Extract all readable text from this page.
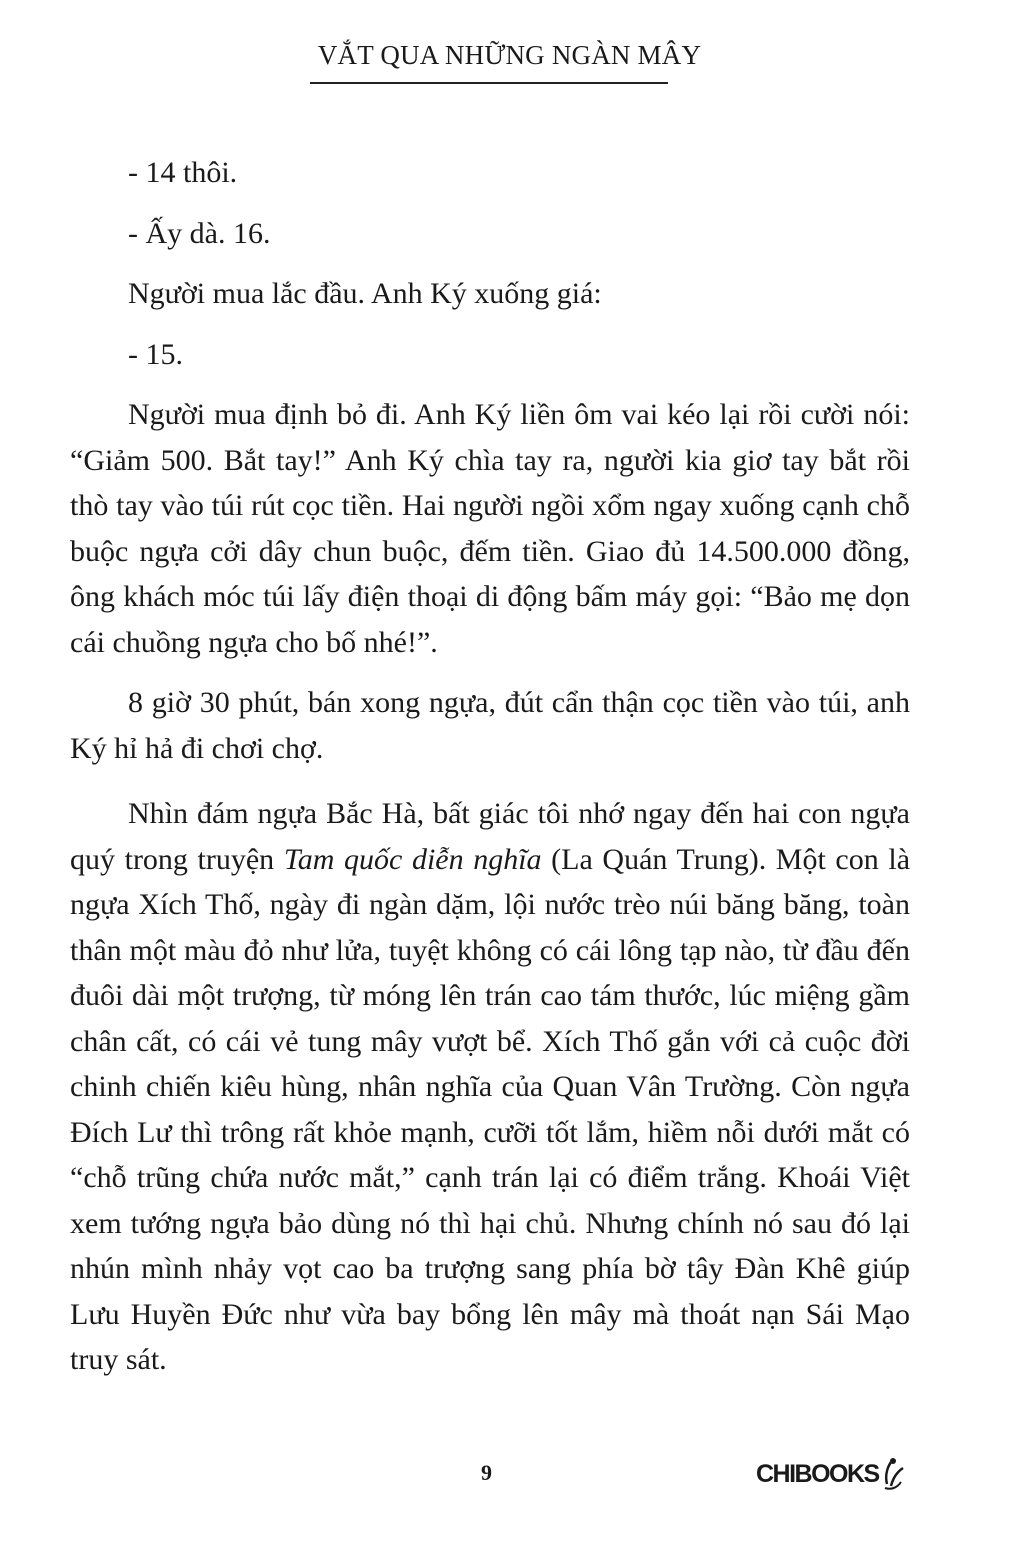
VẮT QUA NHỮNG NGÀN MÂY

- 14 thôi.

- Ấy dà. 16.

Người mua lắc đầu. Anh Ký xuống giá:

- 15.

Người mua định bỏ đi. Anh Ký liền ôm vai kéo lại rồi cười nói: “Giảm 500. Bắt tay!” Anh Ký chìa tay ra, người kia giơ tay bắt rồi thò tay vào túi rút cọc tiền. Hai người ngồi xổm ngay xuống cạnh chỗ buộc ngựa cởi dây chun buộc, đếm tiền. Giao đủ 14.500.000 đồng, ông khách móc túi lấy điện thoại di động bấm máy gọi: “Bảo mẹ dọn cái chuồng ngựa cho bố nhé!”.

8 giờ 30 phút, bán xong ngựa, đút cẩn thận cọc tiền vào túi, anh Ký hỉ hả đi chơi chợ.

Nhìn đám ngựa Bắc Hà, bất giác tôi nhớ ngay đến hai con ngựa quý trong truyện Tam quốc diễn nghĩa (La Quán Trung). Một con là ngựa Xích Thố, ngày đi ngàn dặm, lội nước trèo núi băng băng, toàn thân một màu đỏ như lửa, tuyệt không có cái lông tạp nào, từ đầu đến đuôi dài một trượng, từ móng lên trán cao tám thước, lúc miệng gầm chân cất, có cái vẻ tung mây vượt bể. Xích Thố gắn với cả cuộc đời chinh chiến kiêu hùng, nhân nghĩa của Quan Vân Trường. Còn ngựa Đích Lư thì trông rất khỏe mạnh, cưỡi tốt lắm, hiềm nỗi dưới mắt có “chỗ trũng chứa nước mắt,” cạnh trán lại có điểm trắng. Khoái Việt xem tướng ngựa bảo dùng nó thì hại chủ. Nhưng chính nó sau đó lại nhún mình nhảy vọt cao ba trượng sang phía bờ tây Đàn Khê giúp Lưu Huyền Đức như vừa bay bổng lên mây mà thoát nạn Sái Mạo truy sát.

9	CHIBOOKS
